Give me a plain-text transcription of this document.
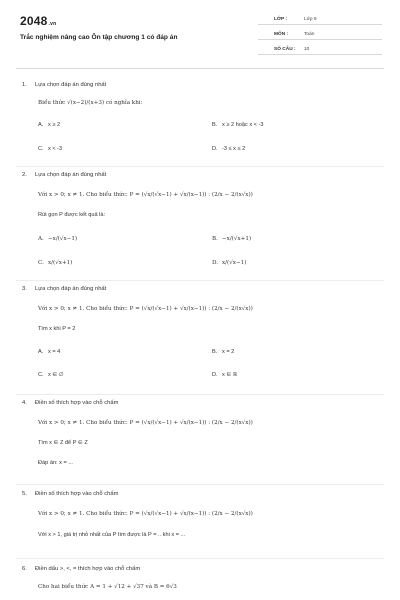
2048.vn
Trắc nghiệm nâng cao Ôn tập chương 1 có đáp án
LỚP :	Lớp 9
MÔN :	Toán
SỐ CÂU : 10
1. Lựa chọn đáp án đúng nhất
Biểu thức √(x−2)/(x+3) có nghĩa khi:
A. x ≥ 2	B. x ≥ 2 hoặc x < -3
C. x < -3	D. -3 ≤ x ≤ 2
2. Lựa chọn đáp án đúng nhất
Với x > 0; x ≠ 1. Cho biểu thức: P = (√x/(√x−1) + √x/(x−1)) : (2/x − 2/(x√x))
Rút gọn P được kết quả là:
A. −x/(√x−1)	B. −x/(√x+1)
C. x/(√x+1)	D. x/(√x−1)
3. Lựa chọn đáp án đúng nhất
Với x > 0; x ≠ 1. Cho biểu thức: P = (√x/(√x−1) + √x/(x−1)) : (2/x − 2/(x√x))
Tìm x khi P = 2
A. x = 4	B. x = 2
C. x ∈ ∅	D. x ∈ ℝ
4. Điền số thích hợp vào chỗ chấm
Với x > 0; x ≠ 1. Cho biểu thức: P = (√x/(√x−1) + √x/(x−1)) : (2/x − 2/(x√x))
Tìm x ∈ Z để P ∈ Z
Đáp án: x = ...
5. Điền số thích hợp vào chỗ chấm
Với x > 0; x ≠ 1. Cho biểu thức: P = (√x/(√x−1) + √x/(x−1)) : (2/x − 2/(x√x))
Với x > 1, giá trị nhỏ nhất của P tìm được là P = .. khi x = ...
6. Điền dấu >, <, = thích hợp vào chỗ chấm
Cho hai biểu thức A = 1 + √12 + √37 và B = 6√3
